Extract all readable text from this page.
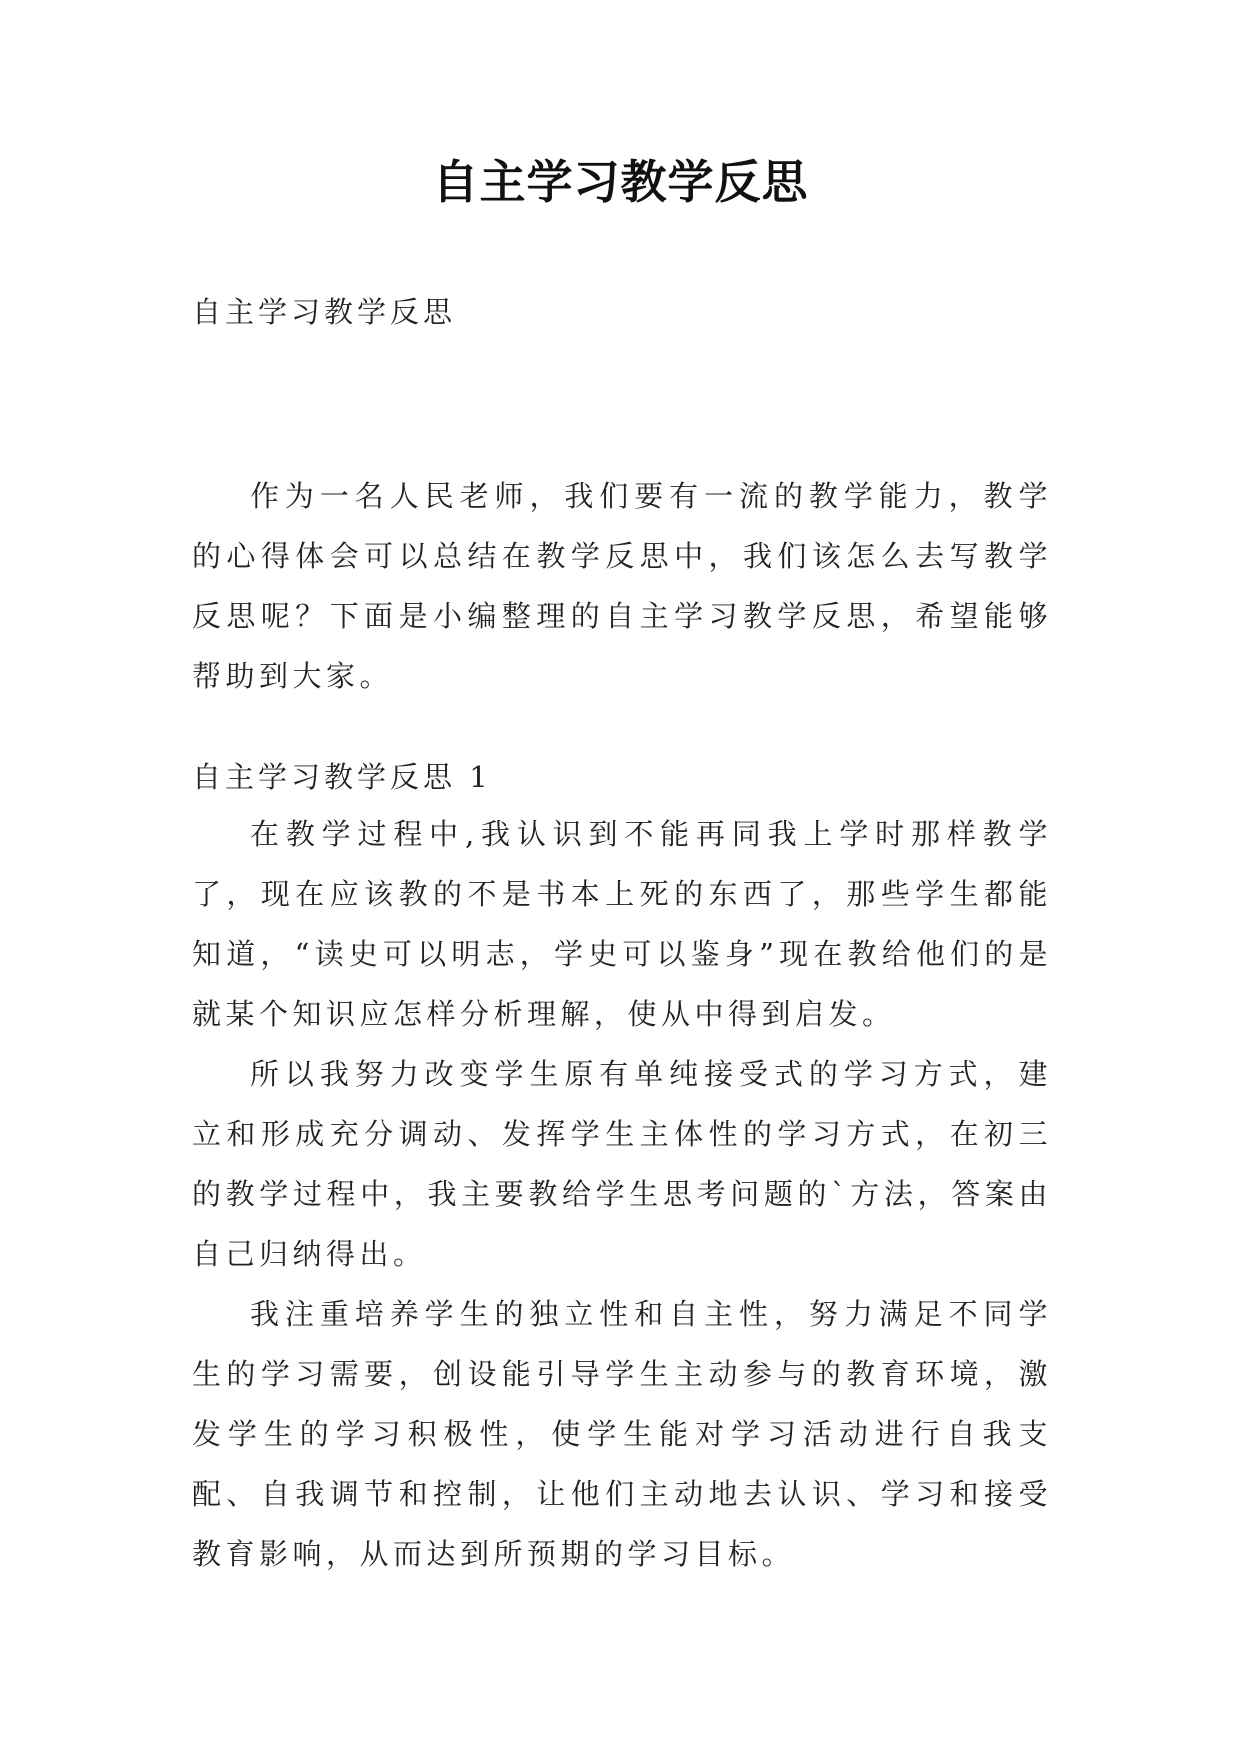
自主学习教学反思
自主学习教学反思

作为一名人民老师，我们要有一流的教学能力，教学的心得体会可以总结在教学反思中，我们该怎么去写教学反思呢？下面是小编整理的自主学习教学反思，希望能够帮助到大家。

自主学习教学反思 1

在教学过程中,我认识到不能再同我上学时那样教学了，现在应该教的不是书本上死的东西了，那些学生都能知道，“读史可以明志，学史可以鉴身”现在教给他们的是就某个知识应怎样分析理解，使从中得到启发。

所以我努力改变学生原有单纯接受式的学习方式，建立和形成充分调动、发挥学生主体性的学习方式，在初三的教学过程中，我主要教给学生思考问题的`方法，答案由自己归纳得出。

我注重培养学生的独立性和自主性，努力满足不同学生的学习需要，创设能引导学生主动参与的教育环境，激发学生的学习积极性，使学生能对学习活动进行自我支配、自我调节和控制，让他们主动地去认识、学习和接受教育影响，从而达到所预期的学习目标。
